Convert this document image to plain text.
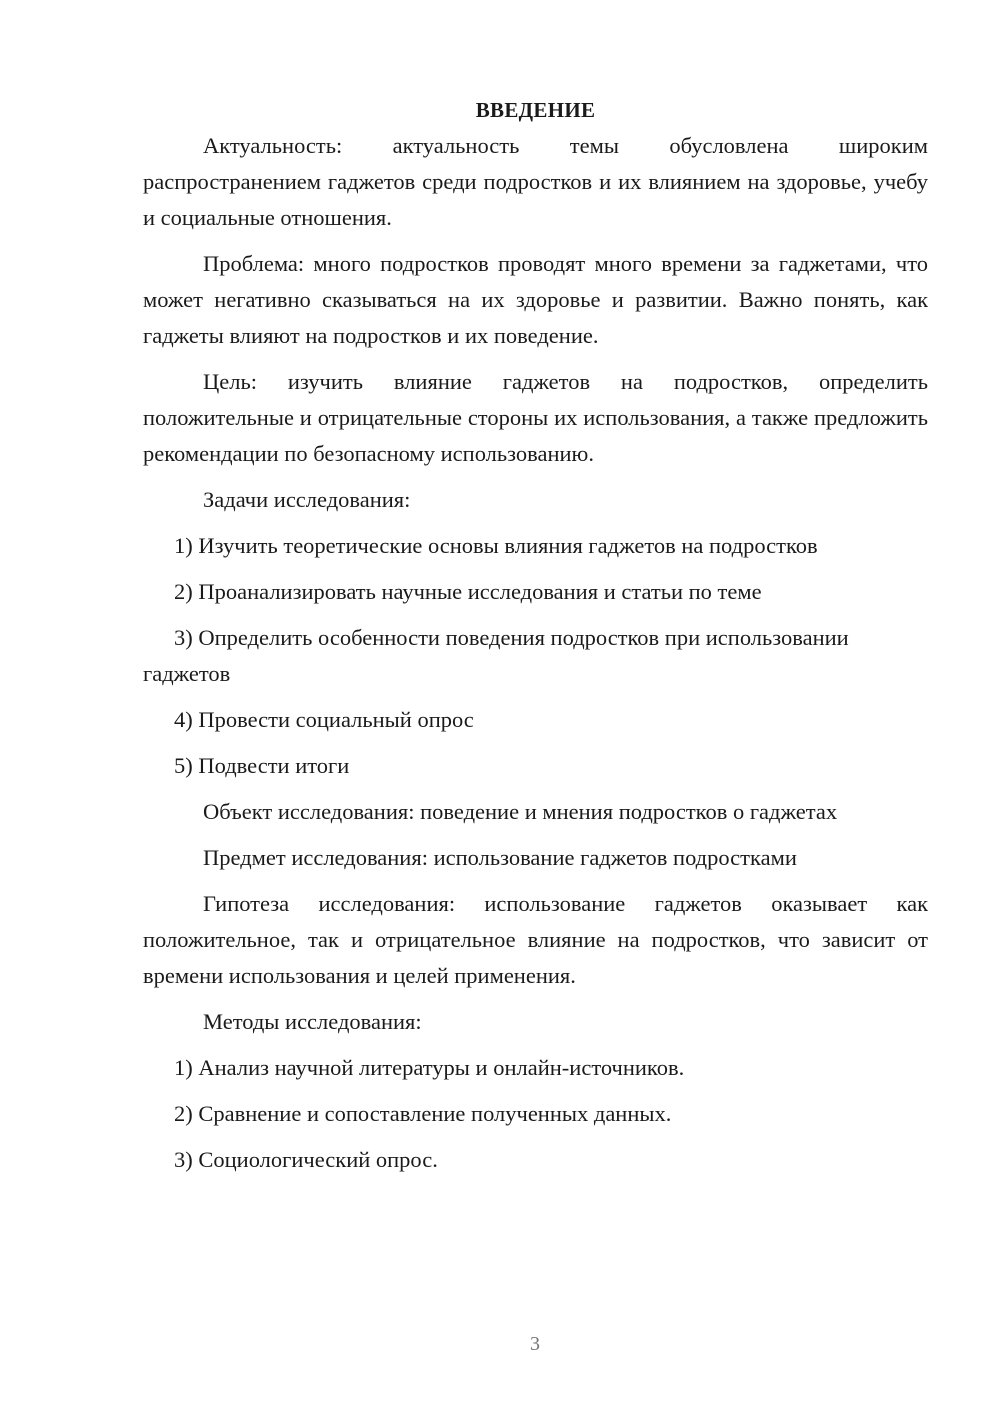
ВВЕДЕНИЕ

Актуальность: актуальность темы обусловлена широким распространением гаджетов среди подростков и их влиянием на здоровье, учебу и социальные отношения.

Проблема: много подростков проводят много времени за гаджетами, что может негативно сказываться на их здоровье и развитии. Важно понять, как гаджеты влияют на подростков и их поведение.

Цель: изучить влияние гаджетов на подростков, определить положительные и отрицательные стороны их использования, а также предложить рекомендации по безопасному использованию.

Задачи исследования:

1) Изучить теоретические основы влияния гаджетов на подростков

2) Проанализировать научные исследования и статьи по теме

3) Определить особенности поведения подростков при использовании гаджетов

4) Провести социальный опрос

5) Подвести итоги

Объект исследования: поведение и мнения подростков о гаджетах

Предмет исследования: использование гаджетов подростками

Гипотеза исследования: использование гаджетов оказывает как положительное, так и отрицательное влияние на подростков, что зависит от времени использования и целей применения.

Методы исследования:

1) Анализ научной литературы и онлайн-источников.

2) Сравнение и сопоставление полученных данных.

3) Социологический опрос.

3
